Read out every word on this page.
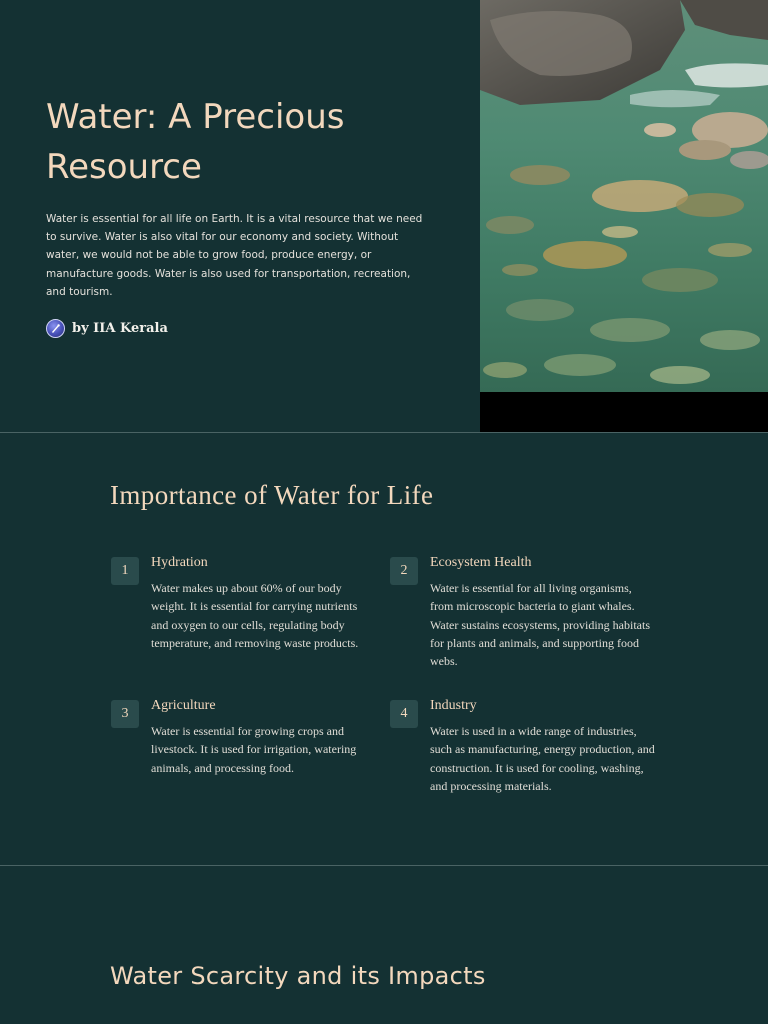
Water: A Precious Resource

Water is essential for all life on Earth. It is a vital resource that we need to survive. Water is also vital for our economy and society. Without water, we would not be able to grow food, produce energy, or manufacture goods. Water is also used for transportation, recreation, and tourism.

by IIA Kerala
Importance of Water for Life
1
Hydration

Water makes up about 60% of our body weight. It is essential for carrying nutrients and oxygen to our cells, regulating body temperature, and removing waste products.

2
Ecosystem Health

Water is essential for all living organisms, from microscopic bacteria to giant whales. Water sustains ecosystems, providing habitats for plants and animals, and supporting food webs.

3
Agriculture

Water is essential for growing crops and livestock. It is used for irrigation, watering animals, and processing food.

4
Industry

Water is used in a wide range of industries, such as manufacturing, energy production, and construction. It is used for cooling, washing, and processing materials.

Water Scarcity and its Impacts
